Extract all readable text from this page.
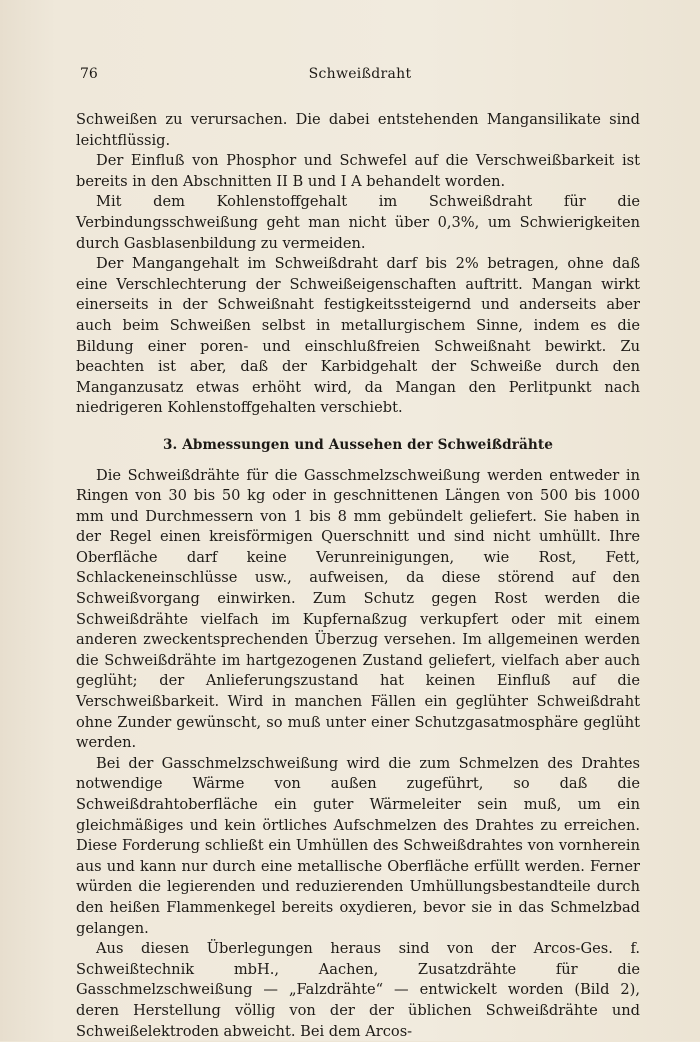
76	Schweißdraht

Schweißen zu verursachen. Die dabei entstehenden Mangansilikate sind leichtflüssig.

Der Einfluß von Phosphor und Schwefel auf die Verschweißbarkeit ist bereits in den Abschnitten II B und I A behandelt worden.

Mit dem Kohlenstoffgehalt im Schweißdraht für die Verbindungsschweißung geht man nicht über 0,3%, um Schwierigkeiten durch Gasblasenbildung zu vermeiden.

Der Mangangehalt im Schweißdraht darf bis 2% betragen, ohne daß eine Verschlechterung der Schweißeigenschaften auftritt. Mangan wirkt einerseits in der Schweißnaht festigkeitssteigernd und anderseits aber auch beim Schweißen selbst in metallurgischem Sinne, indem es die Bildung einer poren- und einschlußfreien Schweißnaht bewirkt. Zu beachten ist aber, daß der Karbidgehalt der Schweiße durch den Manganzusatz etwas erhöht wird, da Mangan den Perlitpunkt nach niedrigeren Kohlenstoffgehalten verschiebt.

3. Abmessungen und Aussehen der Schweißdrähte

Die Schweißdrähte für die Gasschmelzschweißung werden entweder in Ringen von 30 bis 50 kg oder in geschnittenen Längen von 500 bis 1000 mm und Durchmessern von 1 bis 8 mm gebündelt geliefert. Sie haben in der Regel einen kreisförmigen Querschnitt und sind nicht umhüllt. Ihre Oberfläche darf keine Verunreinigungen, wie Rost, Fett, Schlackeneinschlüsse usw., aufweisen, da diese störend auf den Schweißvorgang einwirken. Zum Schutz gegen Rost werden die Schweißdrähte vielfach im Kupfernaßzug verkupfert oder mit einem anderen zweckentsprechenden Überzug versehen. Im allgemeinen werden die Schweißdrähte im hartgezogenen Zustand geliefert, vielfach aber auch geglüht; der Anlieferungszustand hat keinen Einfluß auf die Verschweißbarkeit. Wird in manchen Fällen ein geglühter Schweißdraht ohne Zunder gewünscht, so muß unter einer Schutzgasatmosphäre geglüht werden.

Bei der Gasschmelzschweißung wird die zum Schmelzen des Drahtes notwendige Wärme von außen zugeführt, so daß die Schweißdrahtoberfläche ein guter Wärmeleiter sein muß, um ein gleichmäßiges und kein örtliches Aufschmelzen des Drahtes zu erreichen. Diese Forderung schließt ein Umhüllen des Schweißdrahtes von vornherein aus und kann nur durch eine metallische Oberfläche erfüllt werden. Ferner würden die legierenden und reduzierenden Umhüllungsbestandteile durch den heißen Flammenkegel bereits oxydieren, bevor sie in das Schmelzbad gelangen.

Aus diesen Überlegungen heraus sind von der Arcos-Ges. f. Schweißtechnik mbH., Aachen, Zusatzdrähte für die Gasschmelzschweißung — „Falzdrähte“ — entwickelt worden (Bild 2), deren Herstellung völlig von der der üblichen Schweißdrähte und Schweißelektroden abweicht. Bei dem Arcos-
